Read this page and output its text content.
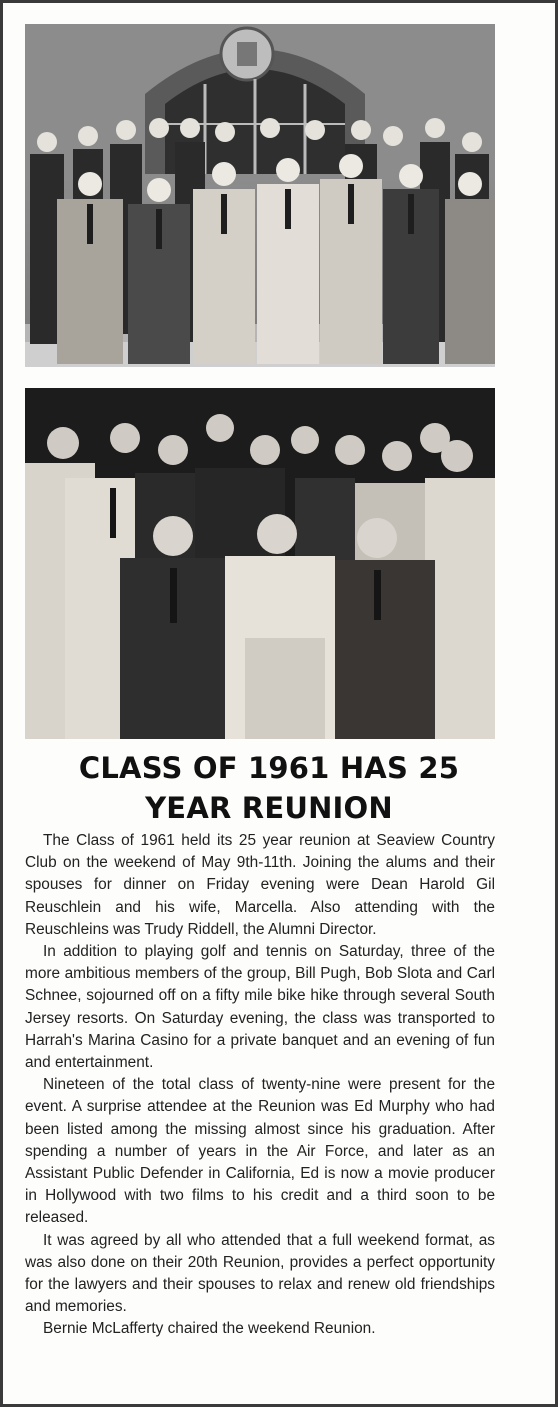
CLASS OF 1961 HAS 25
YEAR REUNION

The Class of 1961 held its 25 year reunion at Seaview Country Club on the weekend of May 9th-11th. Joining the alums and their spouses for dinner on Friday evening were Dean Harold Gil Reuschlein and his wife, Marcella. Also attending with the Reuschleins was Trudy Riddell, the Alumni Director.

In addition to playing golf and tennis on Saturday, three of the more ambitious members of the group, Bill Pugh, Bob Slota and Carl Schnee, sojourned off on a fifty mile bike hike through several South Jersey resorts. On Saturday evening, the class was transported to Harrah's Marina Casino for a private banquet and an evening of fun and entertainment.

Nineteen of the total class of twenty-nine were present for the event. A surprise attendee at the Reunion was Ed Murphy who had been listed among the missing almost since his graduation. After spending a number of years in the Air Force, and later as an Assistant Public Defender in California, Ed is now a movie producer in Hollywood with two films to his credit and a third soon to be released.

It was agreed by all who attended that a full weekend format, as was also done on their 20th Reunion, provides a perfect opportunity for the lawyers and their spouses to relax and renew old friendships and memories.

Bernie McLafferty chaired the weekend Reunion.
